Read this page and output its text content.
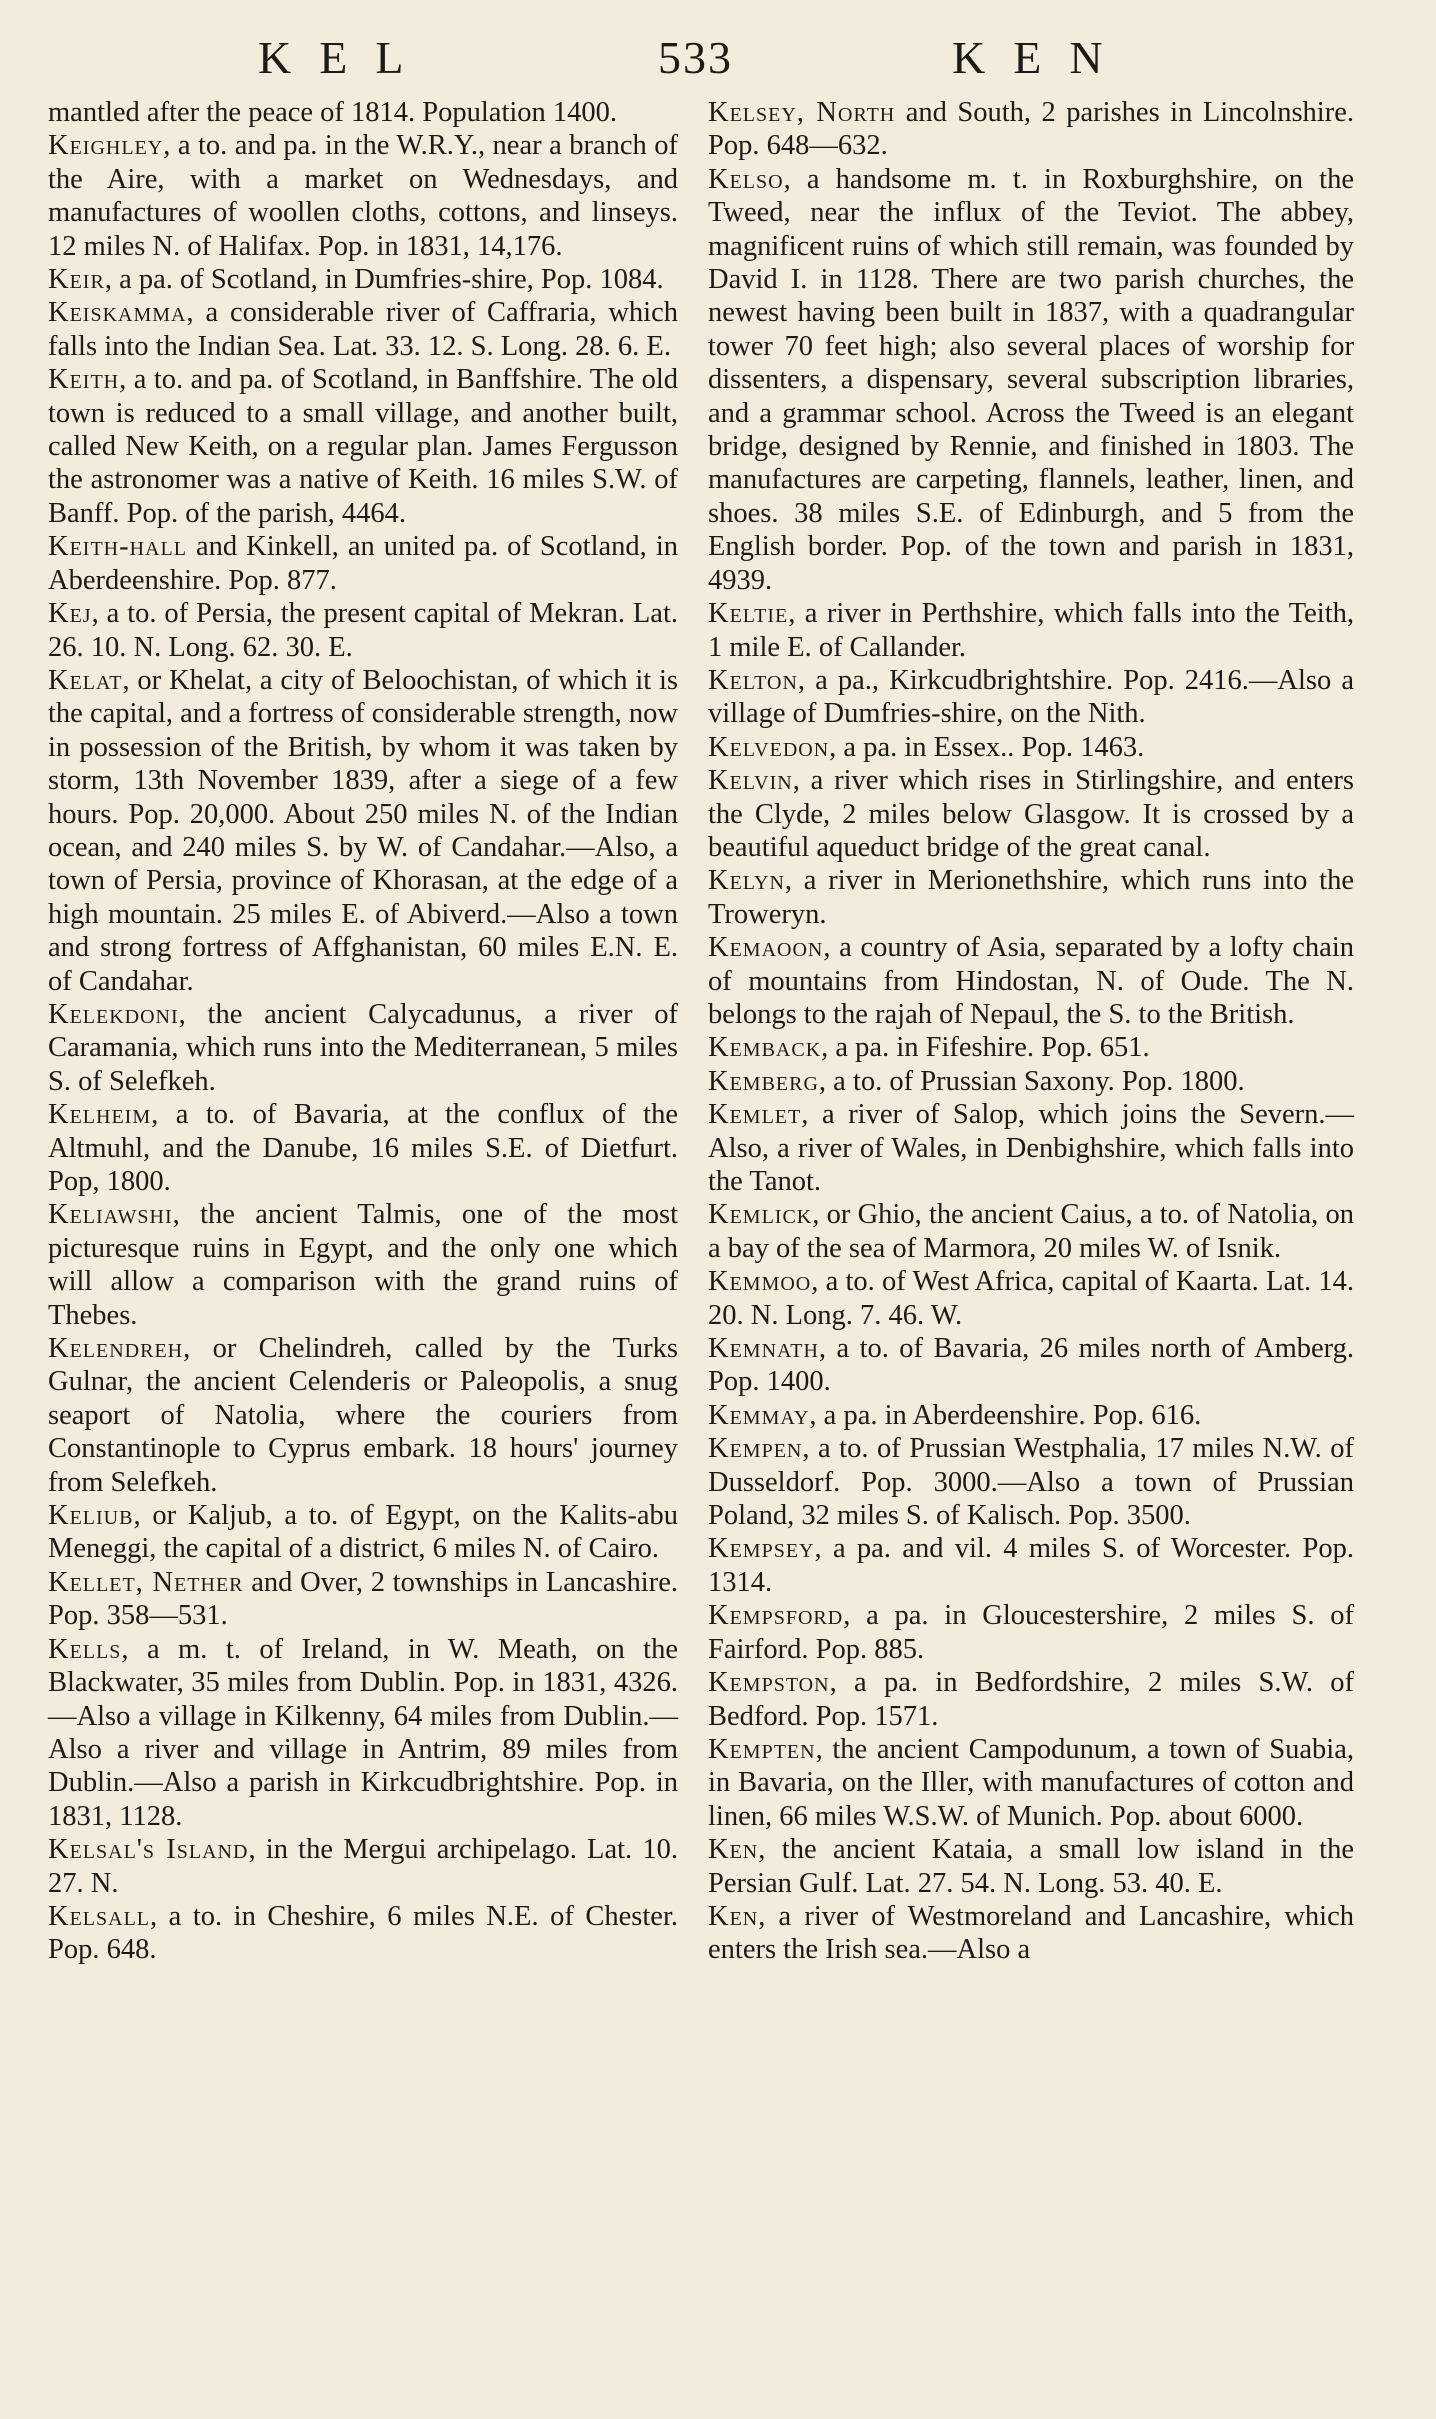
KEL	533	KEN

mantled after the peace of 1814. Population 1400.

Keighley, a to. and pa. in the W.R.Y., near a branch of the Aire, with a market on Wednesdays, and manufactures of woollen cloths, cottons, and linseys. 12 miles N. of Halifax. Pop. in 1831, 14,176.

Keir, a pa. of Scotland, in Dumfries-shire, Pop. 1084.

Keiskamma, a considerable river of Caffraria, which falls into the Indian Sea. Lat. 33. 12. S. Long. 28. 6. E.

Keith, a to. and pa. of Scotland, in Banffshire. The old town is reduced to a small village, and another built, called New Keith, on a regular plan. James Fergusson the astronomer was a native of Keith. 16 miles S.W. of Banff. Pop. of the parish, 4464.

Keith-hall and Kinkell, an united pa. of Scotland, in Aberdeenshire. Pop. 877.

Kej, a to. of Persia, the present capital of Mekran. Lat. 26. 10. N. Long. 62. 30. E.

Kelat, or Khelat, a city of Beloochistan, of which it is the capital, and a fortress of considerable strength, now in possession of the British, by whom it was taken by storm, 13th November 1839, after a siege of a few hours. Pop. 20,000. About 250 miles N. of the Indian ocean, and 240 miles S. by W. of Candahar.—Also, a town of Persia, province of Khorasan, at the edge of a high mountain. 25 miles E. of Abiverd.—Also a town and strong fortress of Affghanistan, 60 miles E.N. E. of Candahar.

Kelekdoni, the ancient Calycadunus, a river of Caramania, which runs into the Mediterranean, 5 miles S. of Selefkeh.

Kelheim, a to. of Bavaria, at the conflux of the Altmuhl, and the Danube, 16 miles S.E. of Dietfurt. Pop, 1800.

Keliawshi, the ancient Talmis, one of the most picturesque ruins in Egypt, and the only one which will allow a comparison with the grand ruins of Thebes.

Kelendreh, or Chelindreh, called by the Turks Gulnar, the ancient Celenderis or Paleopolis, a snug seaport of Natolia, where the couriers from Constantinople to Cyprus embark. 18 hours' journey from Selefkeh.

Keliub, or Kaljub, a to. of Egypt, on the Kalits-abu Meneggi, the capital of a district, 6 miles N. of Cairo.

Kellet, Nether and Over, 2 townships in Lancashire. Pop. 358—531.

Kells, a m. t. of Ireland, in W. Meath, on the Blackwater, 35 miles from Dublin. Pop. in 1831, 4326.—Also a village in Kilkenny, 64 miles from Dublin.—Also a river and village in Antrim, 89 miles from Dublin.—Also a parish in Kirkcudbrightshire. Pop. in 1831, 1128.

Kelsal's Island, in the Mergui archipelago. Lat. 10. 27. N.

Kelsall, a to. in Cheshire, 6 miles N.E. of Chester. Pop. 648.

Kelsey, North and South, 2 parishes in Lincolnshire. Pop. 648—632.

Kelso, a handsome m. t. in Roxburghshire, on the Tweed, near the influx of the Teviot. The abbey, magnificent ruins of which still remain, was founded by David I. in 1128. There are two parish churches, the newest having been built in 1837, with a quadrangular tower 70 feet high; also several places of worship for dissenters, a dispensary, several subscription libraries, and a grammar school. Across the Tweed is an elegant bridge, designed by Rennie, and finished in 1803. The manufactures are carpeting, flannels, leather, linen, and shoes. 38 miles S.E. of Edinburgh, and 5 from the English border. Pop. of the town and parish in 1831, 4939.

Keltie, a river in Perthshire, which falls into the Teith, 1 mile E. of Callander.

Kelton, a pa., Kirkcudbrightshire. Pop. 2416.—Also a village of Dumfries-shire, on the Nith.

Kelvedon, a pa. in Essex.. Pop. 1463.

Kelvin, a river which rises in Stirlingshire, and enters the Clyde, 2 miles below Glasgow. It is crossed by a beautiful aqueduct bridge of the great canal.

Kelyn, a river in Merionethshire, which runs into the Troweryn.

Kemaoon, a country of Asia, separated by a lofty chain of mountains from Hindostan, N. of Oude. The N. belongs to the rajah of Nepaul, the S. to the British.

Kemback, a pa. in Fifeshire. Pop. 651.

Kemberg, a to. of Prussian Saxony. Pop. 1800.

Kemlet, a river of Salop, which joins the Severn.—Also, a river of Wales, in Denbighshire, which falls into the Tanot.

Kemlick, or Ghio, the ancient Caius, a to. of Natolia, on a bay of the sea of Marmora, 20 miles W. of Isnik.

Kemmoo, a to. of West Africa, capital of Kaarta. Lat. 14. 20. N. Long. 7. 46. W.

Kemnath, a to. of Bavaria, 26 miles north of Amberg. Pop. 1400.

Kemmay, a pa. in Aberdeenshire. Pop. 616.

Kempen, a to. of Prussian Westphalia, 17 miles N.W. of Dusseldorf. Pop. 3000.—Also a town of Prussian Poland, 32 miles S. of Kalisch. Pop. 3500.

Kempsey, a pa. and vil. 4 miles S. of Worcester. Pop. 1314.

Kempsford, a pa. in Gloucestershire, 2 miles S. of Fairford. Pop. 885.

Kempston, a pa. in Bedfordshire, 2 miles S.W. of Bedford. Pop. 1571.

Kempten, the ancient Campodunum, a town of Suabia, in Bavaria, on the Iller, with manufactures of cotton and linen, 66 miles W.S.W. of Munich. Pop. about 6000.

Ken, the ancient Kataia, a small low island in the Persian Gulf. Lat. 27. 54. N. Long. 53. 40. E.

Ken, a river of Westmoreland and Lancashire, which enters the Irish sea.—Also a
